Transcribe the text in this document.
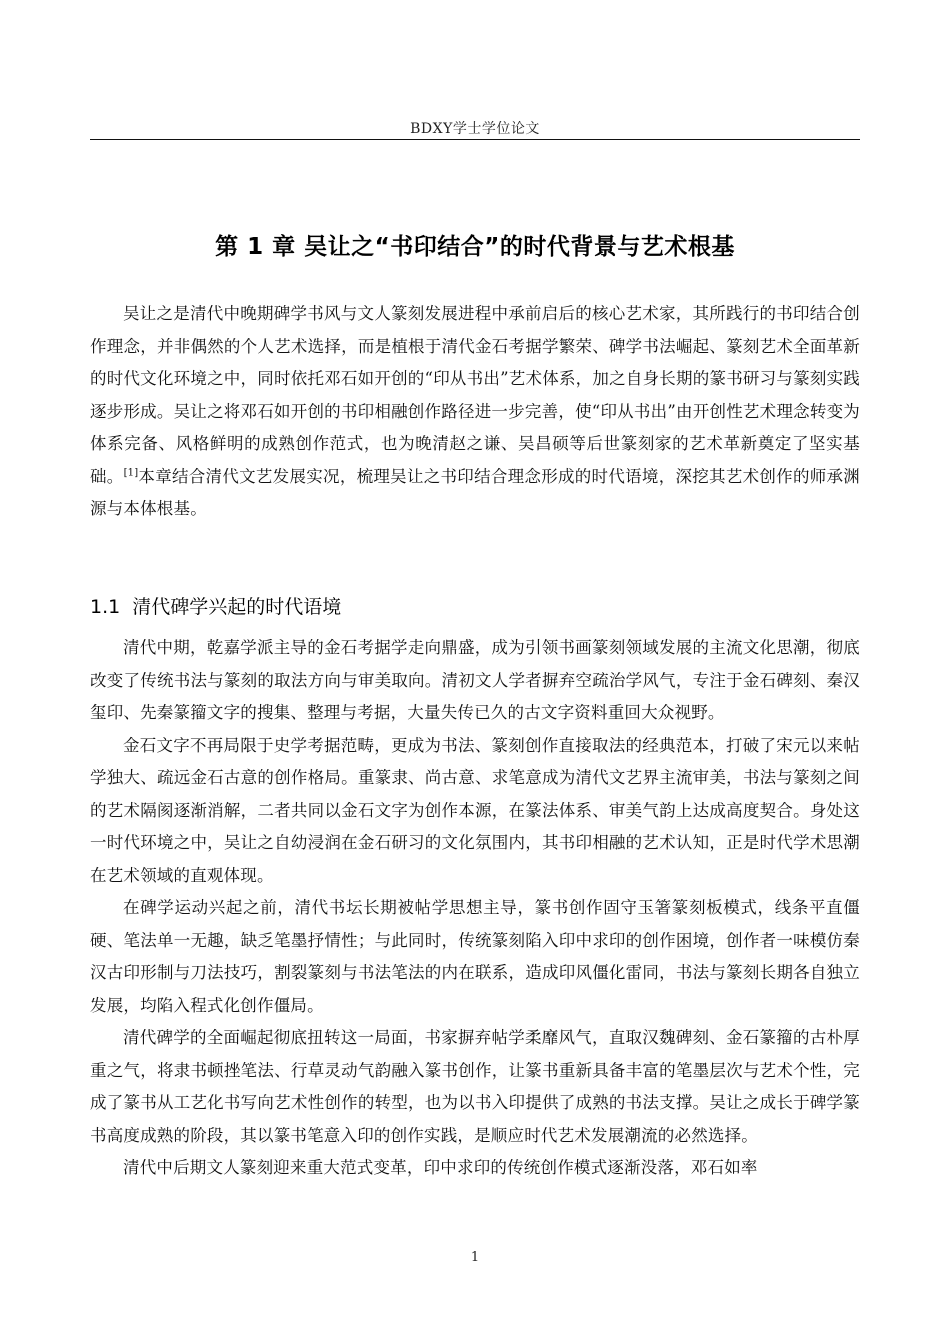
BDXY学士学位论文
第 1 章 吴让之“书印结合”的时代背景与艺术根基

吴让之是清代中晚期碑学书风与文人篆刻发展进程中承前启后的核心艺术家，其所践行的书印结合创作理念，并非偶然的个人艺术选择，而是植根于清代金石考据学繁荣、碑学书法崛起、篆刻艺术全面革新的时代文化环境之中，同时依托邓石如开创的“印从书出”艺术体系，加之自身长期的篆书研习与篆刻实践逐步形成。吴让之将邓石如开创的书印相融创作路径进一步完善，使“印从书出”由开创性艺术理念转变为体系完备、风格鲜明的成熟创作范式，也为晚清赵之谦、吴昌硕等后世篆刻家的艺术革新奠定了坚实基础。[1]本章结合清代文艺发展实况，梳理吴让之书印结合理念形成的时代语境，深挖其艺术创作的师承渊源与本体根基。

1.1 清代碑学兴起的时代语境

清代中期，乾嘉学派主导的金石考据学走向鼎盛，成为引领书画篆刻领域发展的主流文化思潮，彻底改变了传统书法与篆刻的取法方向与审美取向。清初文人学者摒弃空疏治学风气，专注于金石碑刻、秦汉玺印、先秦篆籀文字的搜集、整理与考据，大量失传已久的古文字资料重回大众视野。

金石文字不再局限于史学考据范畴，更成为书法、篆刻创作直接取法的经典范本，打破了宋元以来帖学独大、疏远金石古意的创作格局。重篆隶、尚古意、求笔意成为清代文艺界主流审美，书法与篆刻之间的艺术隔阂逐渐消解，二者共同以金石文字为创作本源，在篆法体系、审美气韵上达成高度契合。身处这一时代环境之中，吴让之自幼浸润在金石研习的文化氛围内，其书印相融的艺术认知，正是时代学术思潮在艺术领域的直观体现。

在碑学运动兴起之前，清代书坛长期被帖学思想主导，篆书创作固守玉箸篆刻板模式，线条平直僵硬、笔法单一无趣，缺乏笔墨抒情性；与此同时，传统篆刻陷入印中求印的创作困境，创作者一味模仿秦汉古印形制与刀法技巧，割裂篆刻与书法笔法的内在联系，造成印风僵化雷同，书法与篆刻长期各自独立发展，均陷入程式化创作僵局。

清代碑学的全面崛起彻底扭转这一局面，书家摒弃帖学柔靡风气，直取汉魏碑刻、金石篆籀的古朴厚重之气，将隶书顿挫笔法、行草灵动气韵融入篆书创作，让篆书重新具备丰富的笔墨层次与艺术个性，完成了篆书从工艺化书写向艺术性创作的转型，也为以书入印提供了成熟的书法支撑。吴让之成长于碑学篆书高度成熟的阶段，其以篆书笔意入印的创作实践，是顺应时代艺术发展潮流的必然选择。

清代中后期文人篆刻迎来重大范式变革，印中求印的传统创作模式逐渐没落，邓石如率

1
